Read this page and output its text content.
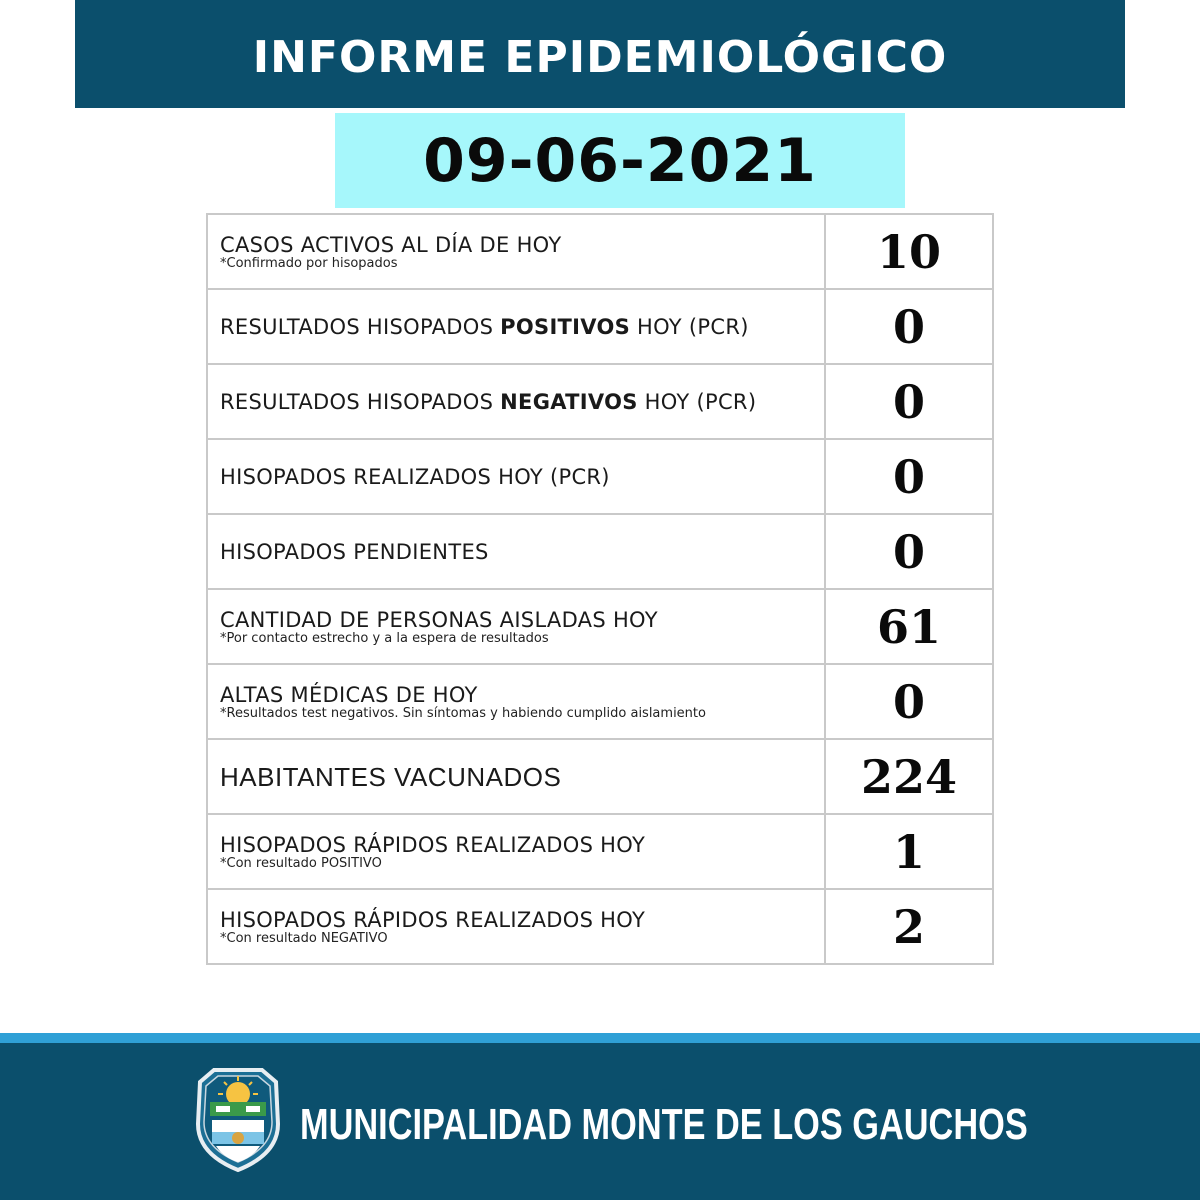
INFORME EPIDEMIOLÓGICO
09-06-2021
CASOS ACTIVOS AL DÍA DE HOY
*Confirmado por hisopados	10

RESULTADOS HISOPADOS POSITIVOS HOY (PCR)	0

RESULTADOS HISOPADOS NEGATIVOS HOY (PCR)	0

HISOPADOS REALIZADOS HOY (PCR)	0

HISOPADOS PENDIENTES	0

CANTIDAD DE PERSONAS AISLADAS HOY
*Por contacto estrecho y a la espera de resultados	61

ALTAS MÉDICAS DE HOY
*Resultados test negativos. Sin síntomas y habiendo cumplido aislamiento	0

HABITANTES VACUNADOS	224

HISOPADOS RÁPIDOS REALIZADOS HOY
*Con resultado POSITIVO	1

HISOPADOS RÁPIDOS REALIZADOS HOY
*Con resultado NEGATIVO	2
MUNICIPALIDAD MONTE DE LOS GAUCHOS
